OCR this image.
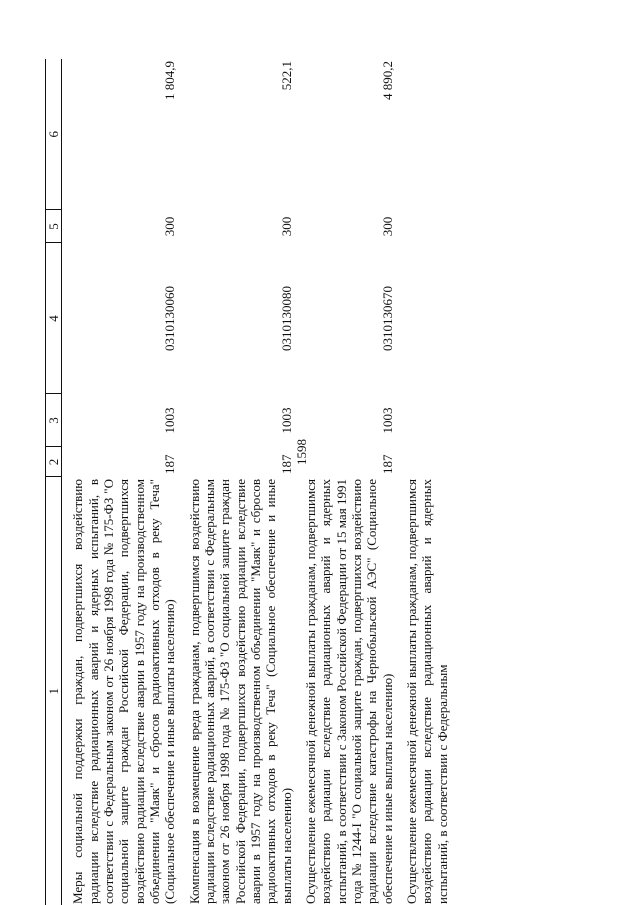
1598
1	2	3	4	5	6
Меры социальной поддержки граждан, подвергшихся воздействию радиации вследствие радиационных аварий и ядерных испытаний, в соответствии с Федеральным законом от 26 ноября 1998 года № 175-ФЗ "О социальной защите граждан Российской Федерации, подвергшихся воздействию радиации вследствие аварии в 1957 году на производственном объединении "Маяк" и сбросов радиоактивных отходов в реку Теча" (Социальное обеспечение и иные выплаты населению)	187	1003	0310130060	300	1 804,9
Компенсация в возмещение вреда гражданам, подвергшимся воздействию радиации вследствие радиационных аварий, в соответствии с Федеральным законом от 26 ноября 1998 года № 175-ФЗ "О социальной защите граждан Российской Федерации, подвергшихся воздействию радиации вследствие аварии в 1957 году на производственном объединении "Маяк" и сбросов радиоактивных отходов в реку Теча" (Социальное обеспечение и иные выплаты населению)	187	1003	0310130080	300	522,1
Осуществление ежемесячной денежной выплаты гражданам, подвергшимся воздействию радиации вследствие радиационных аварий и ядерных испытаний, в соответствии с Законом Российской Федерации от 15 мая 1991 года № 1244-I "О социальной защите граждан, подвергшихся воздействию радиации вследствие катастрофы на Чернобыльской АЭС" (Социальное обеспечение и иные выплаты населению)	187	1003	0310130670	300	4 890,2
Осуществление ежемесячной денежной выплаты гражданам, подвергшимся воздействию радиации вследствие радиационных аварий и ядерных испытаний, в соответствии с Федеральным					
